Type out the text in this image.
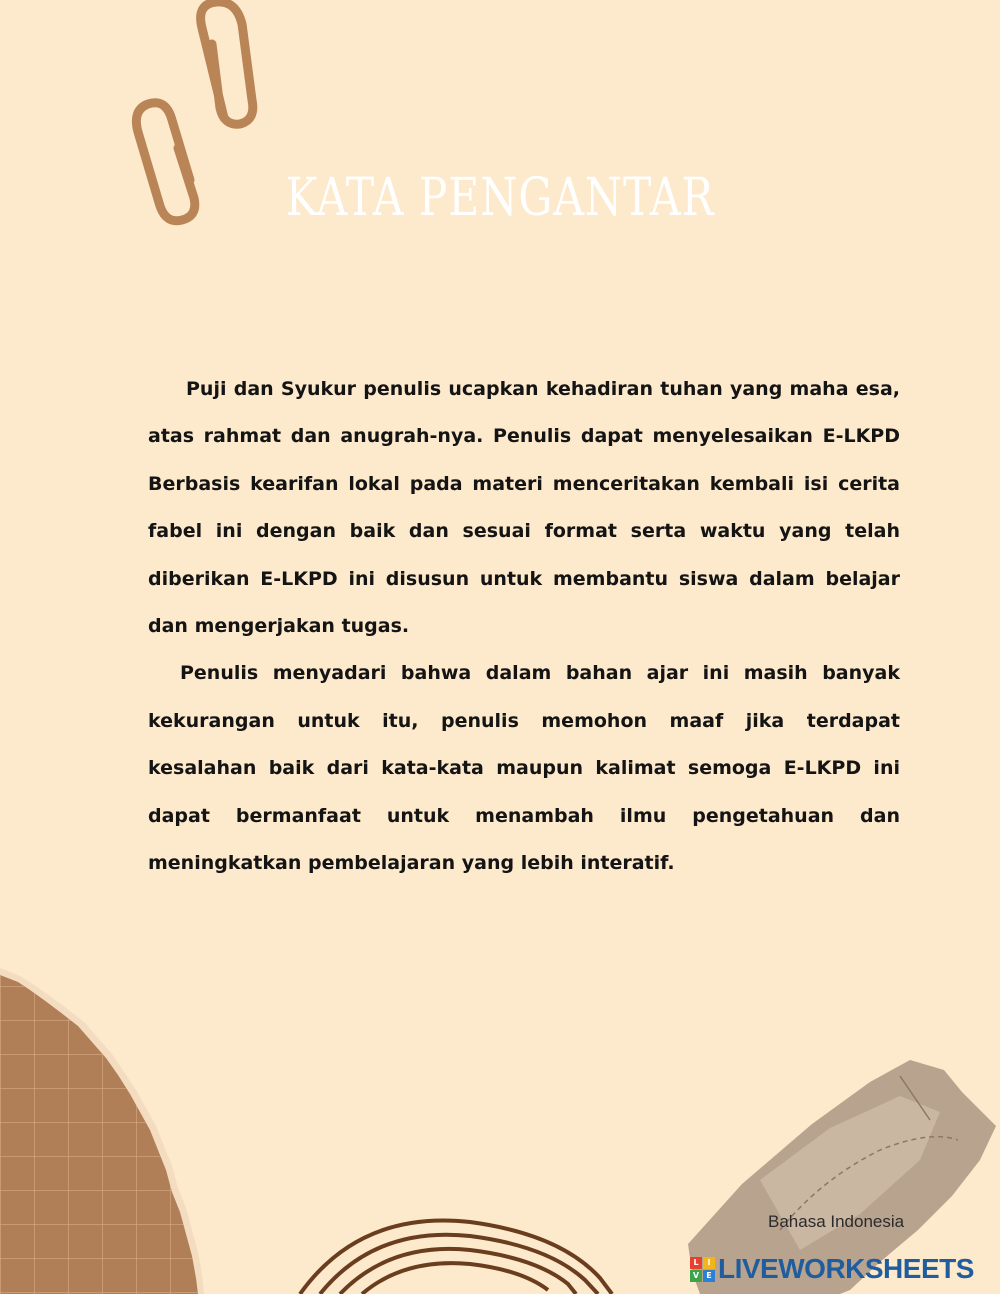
KATA PENGANTAR

Puji dan Syukur penulis ucapkan kehadiran tuhan yang maha esa, atas rahmat dan anugrah-nya. Penulis dapat menyelesaikan E-LKPD Berbasis kearifan lokal pada materi menceritakan kembali isi cerita fabel ini dengan baik dan sesuai format serta waktu yang telah diberikan E-LKPD ini disusun untuk membantu siswa dalam belajar dan mengerjakan tugas.

Penulis menyadari bahwa dalam bahan ajar ini masih banyak kekurangan untuk itu, penulis memohon maaf jika terdapat kesalahan baik dari kata-kata maupun kalimat semoga E-LKPD ini dapat bermanfaat untuk menambah ilmu pengetahuan dan meningkatkan pembelajaran yang lebih interatif.

Bahasa Indonesia
L	I
V E LIVEWORKSHEETS
